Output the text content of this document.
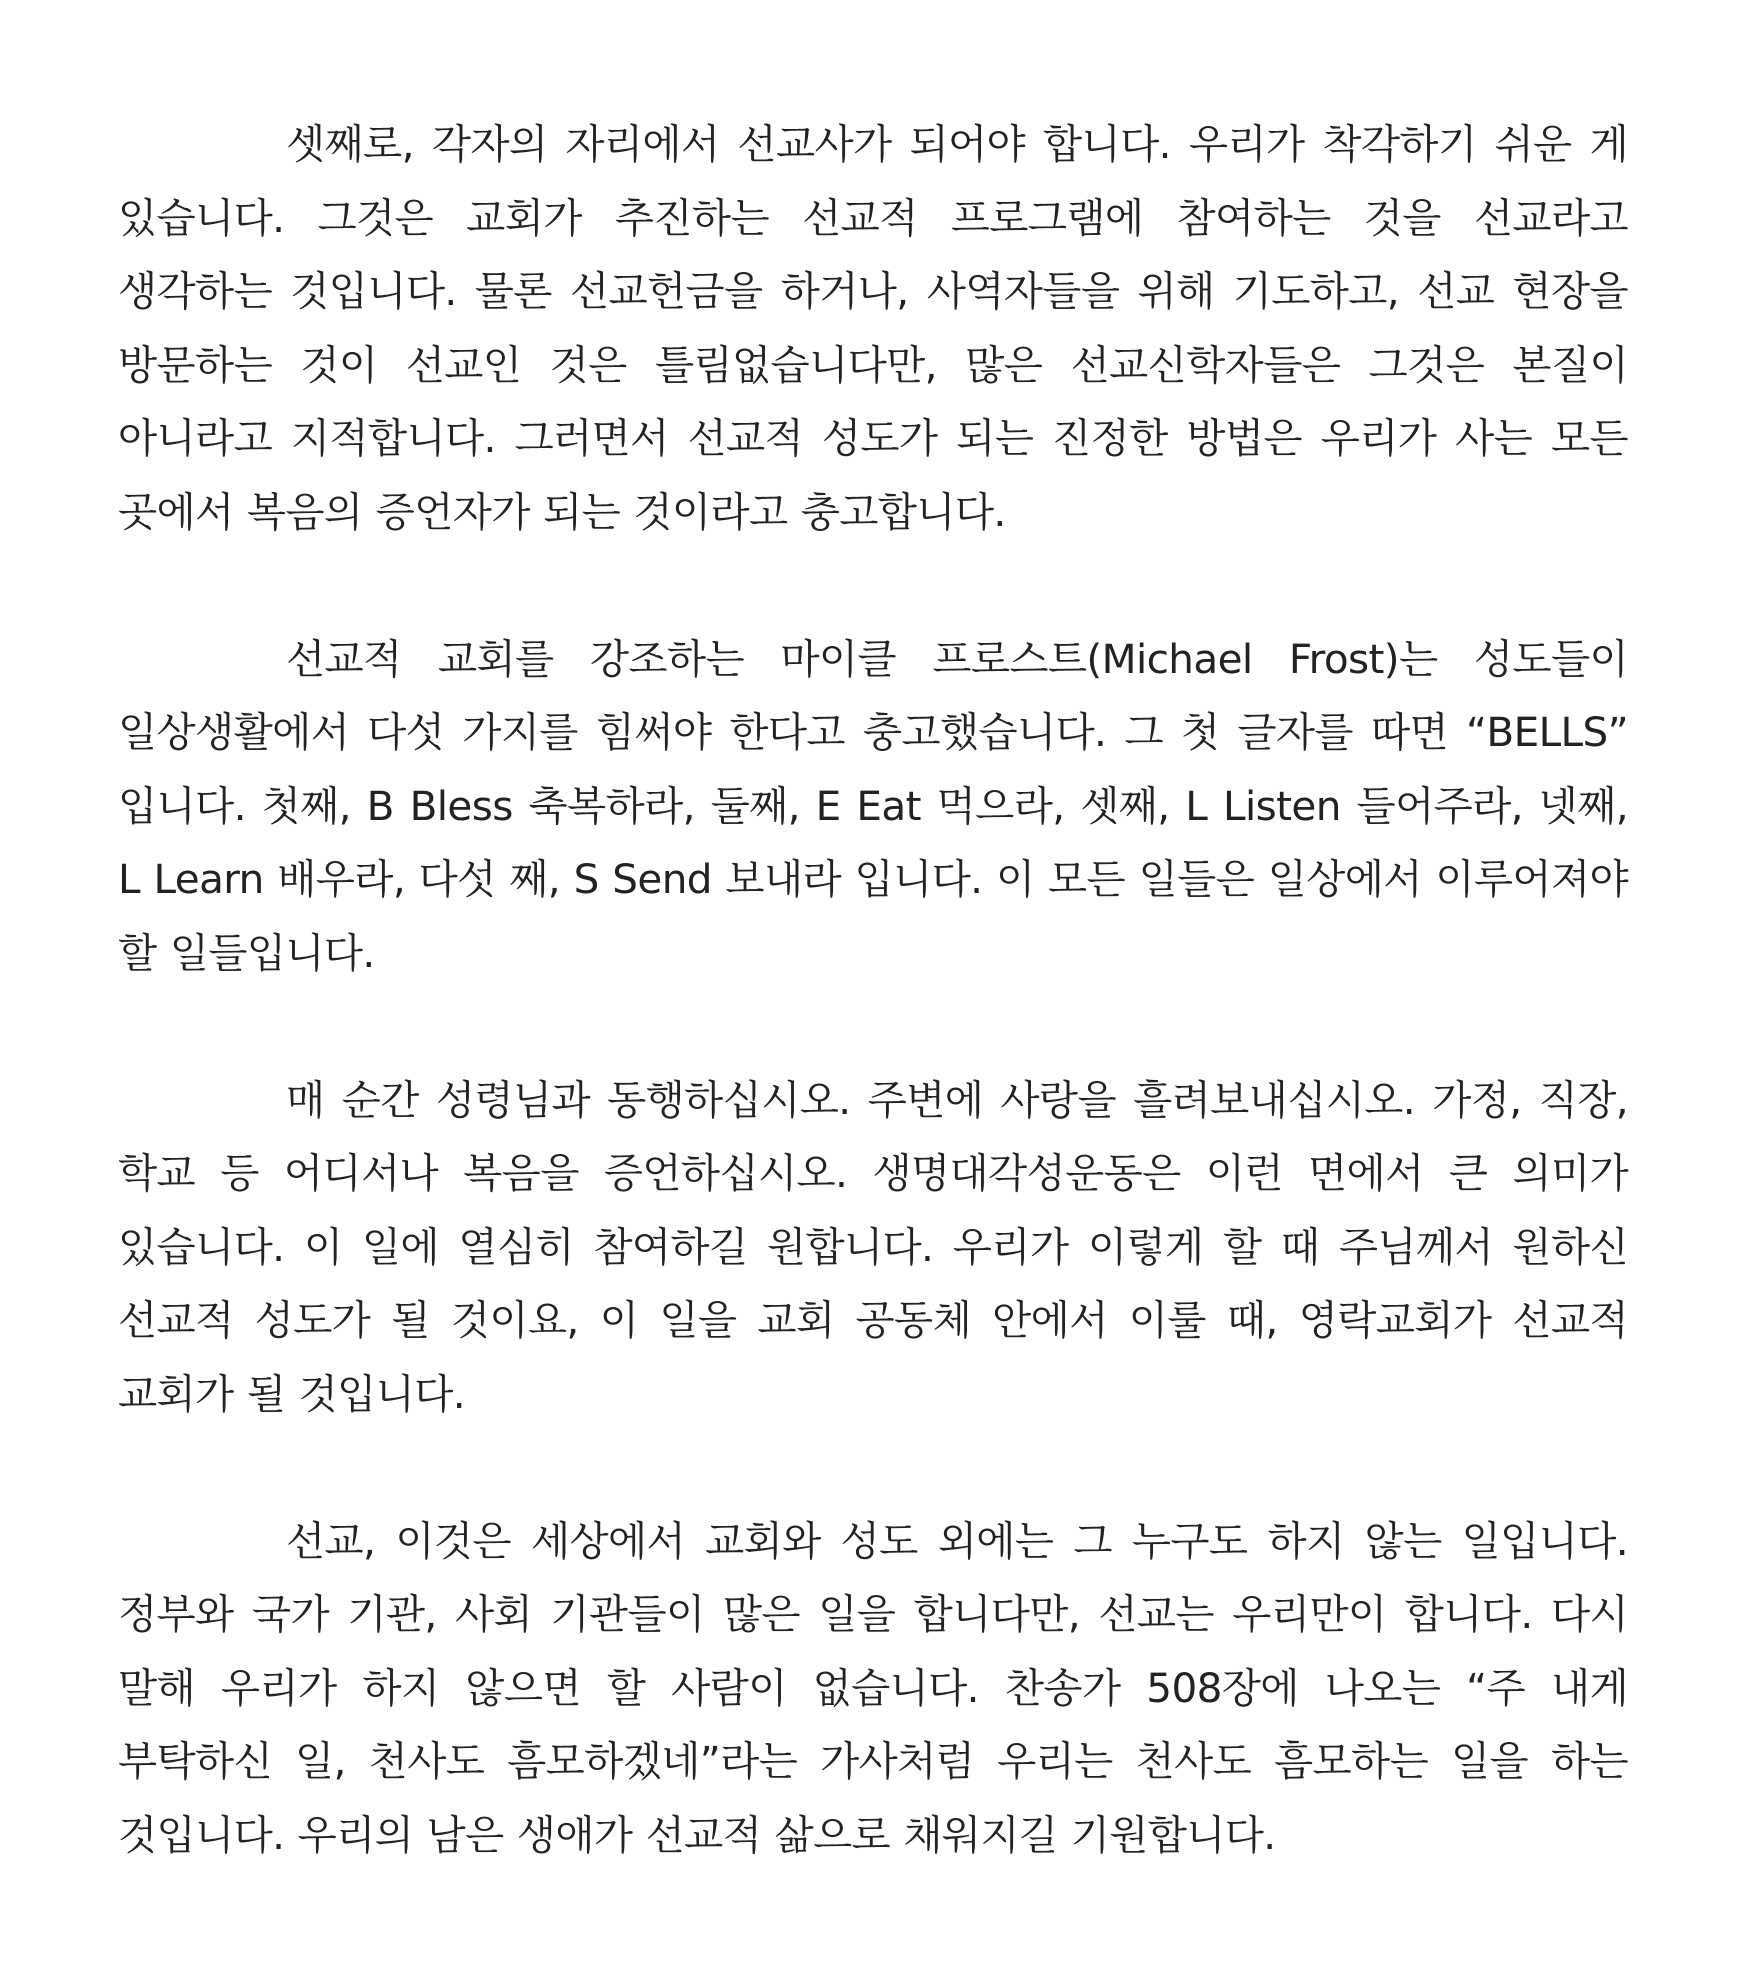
셋째로, 각자의 자리에서 선교사가 되어야 합니다. 우리가 착각하기 쉬운 게 있습니다. 그것은 교회가 추진하는 선교적 프로그램에 참여하는 것을 선교라고 생각하는 것입니다. 물론 선교헌금을 하거나, 사역자들을 위해 기도하고, 선교 현장을 방문하는 것이 선교인 것은 틀림없습니다만, 많은 선교신학자들은 그것은 본질이 아니라고 지적합니다. 그러면서 선교적 성도가 되는 진정한 방법은 우리가 사는 모든 곳에서 복음의 증언자가 되는 것이라고 충고합니다.

선교적 교회를 강조하는 마이클 프로스트(Michael Frost)는 성도들이 일상생활에서 다섯 가지를 힘써야 한다고 충고했습니다. 그 첫 글자를 따면 “BELLS” 입니다. 첫째, B Bless 축복하라, 둘째, E Eat 먹으라, 셋째, L Listen 들어주라, 넷째, L Learn 배우라, 다섯 째, S Send 보내라 입니다. 이 모든 일들은 일상에서 이루어져야 할 일들입니다.

매 순간 성령님과 동행하십시오. 주변에 사랑을 흘려보내십시오. 가정, 직장, 학교 등 어디서나 복음을 증언하십시오. 생명대각성운동은 이런 면에서 큰 의미가 있습니다. 이 일에 열심히 참여하길 원합니다. 우리가 이렇게 할 때 주님께서 원하신 선교적 성도가 될 것이요, 이 일을 교회 공동체 안에서 이룰 때, 영락교회가 선교적 교회가 될 것입니다.

선교, 이것은 세상에서 교회와 성도 외에는 그 누구도 하지 않는 일입니다. 정부와 국가 기관, 사회 기관들이 많은 일을 합니다만, 선교는 우리만이 합니다. 다시 말해 우리가 하지 않으면 할 사람이 없습니다. 찬송가 508장에 나오는 “주 내게 부탁하신 일, 천사도 흠모하겠네”라는 가사처럼 우리는 천사도 흠모하는 일을 하는 것입니다. 우리의 남은 생애가 선교적 삶으로 채워지길 기원합니다.
